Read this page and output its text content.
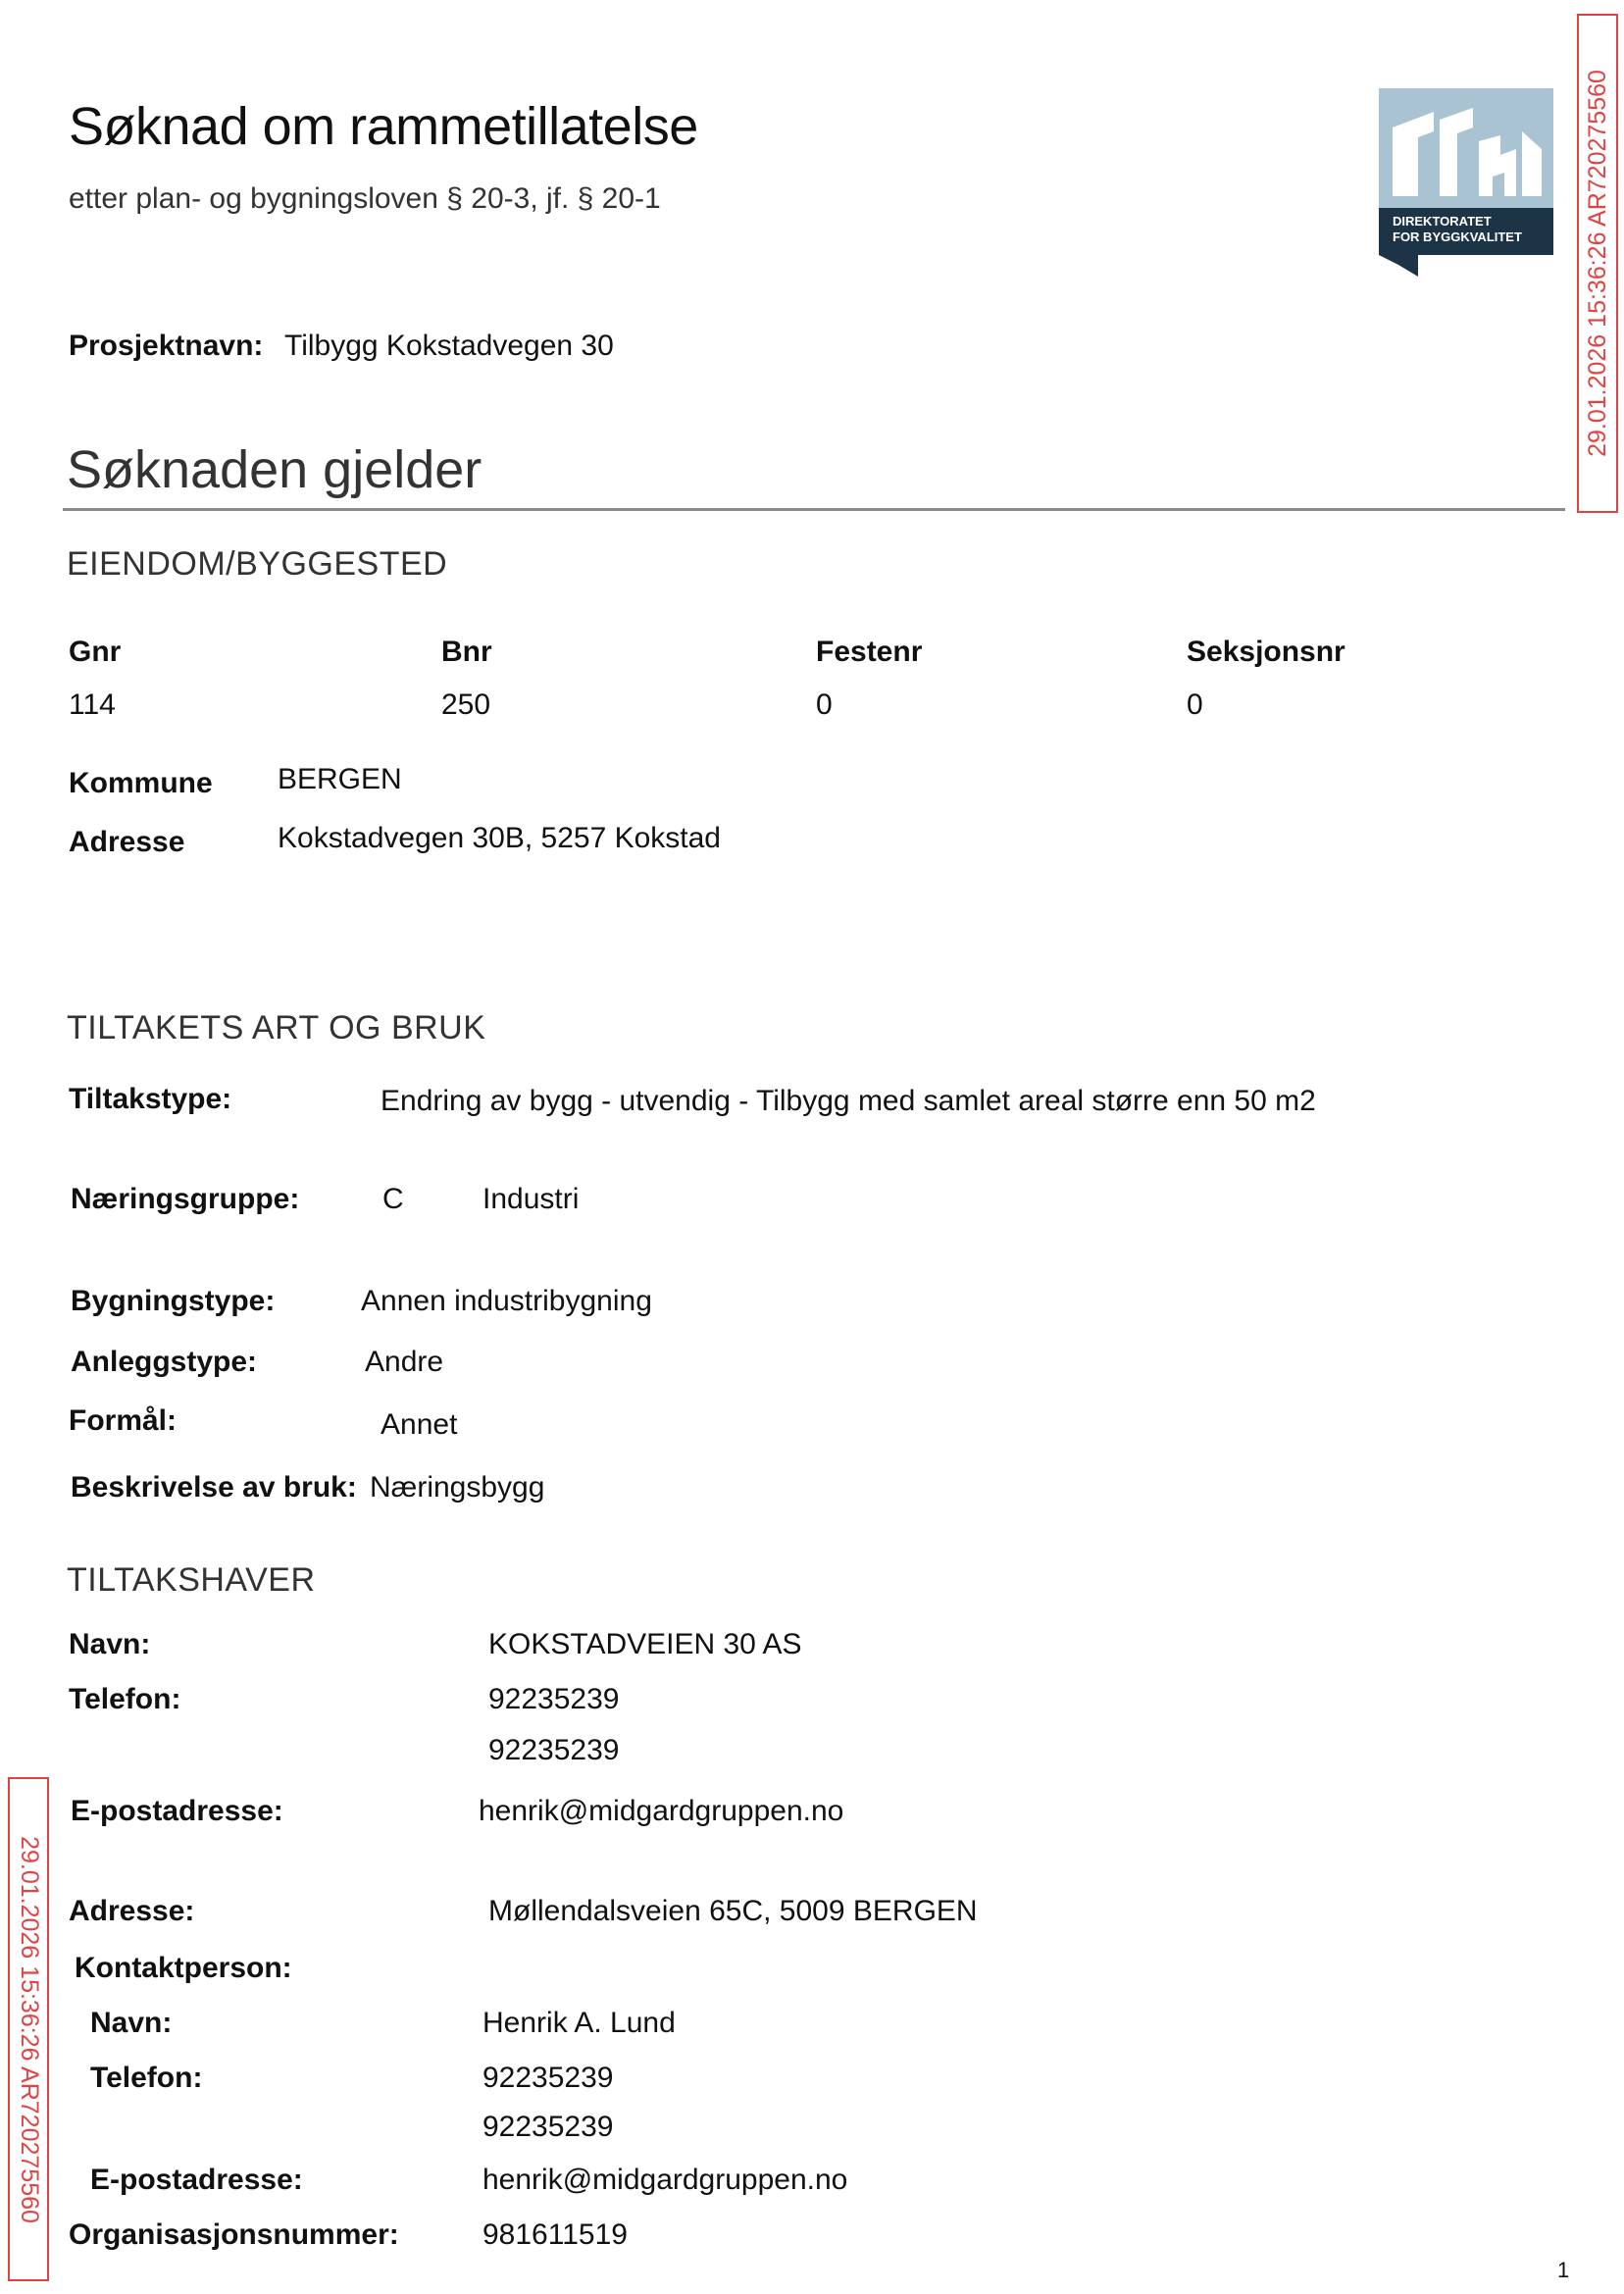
Søknad om rammetillatelse
etter plan- og bygningsloven § 20-3, jf. § 20-1
DIREKTORATET
FOR BYGGKVALITET
Prosjektnavn: Tilbygg Kokstadvegen 30
Søknaden gjelder
EIENDOM/BYGGESTED
Gnr	Bnr	Festenr	Seksjonsnr
114	250	0	0
Kommune BERGEN
Adresse	Kokstadvegen 30B, 5257 Kokstad
TILTAKETS ART OG BRUK
Tiltakstype:	Endring av bygg - utvendig - Tilbygg med samlet areal større enn 50 m2
Næringsgruppe:	C	Industri
Bygningstype:	Annen industribygning
Anleggstype:	Andre
Formål:	Annet
Beskrivelse av bruk: Næringsbygg
TILTAKSHAVER
Navn:	KOKSTADVEIEN 30 AS
Telefon:	92235239
92235239
E-postadresse:	henrik@midgardgruppen.no
Adresse:	Møllendalsveien 65C, 5009 BERGEN
Kontaktperson:
Navn:	Henrik A. Lund
Telefon:	92235239
92235239
E-postadresse:	henrik@midgardgruppen.no
Organisasjonsnummer:	981611519
29.01.2026 15:36:26 AR720275560
29.01.2026 15:36:26 AR720275560
1
